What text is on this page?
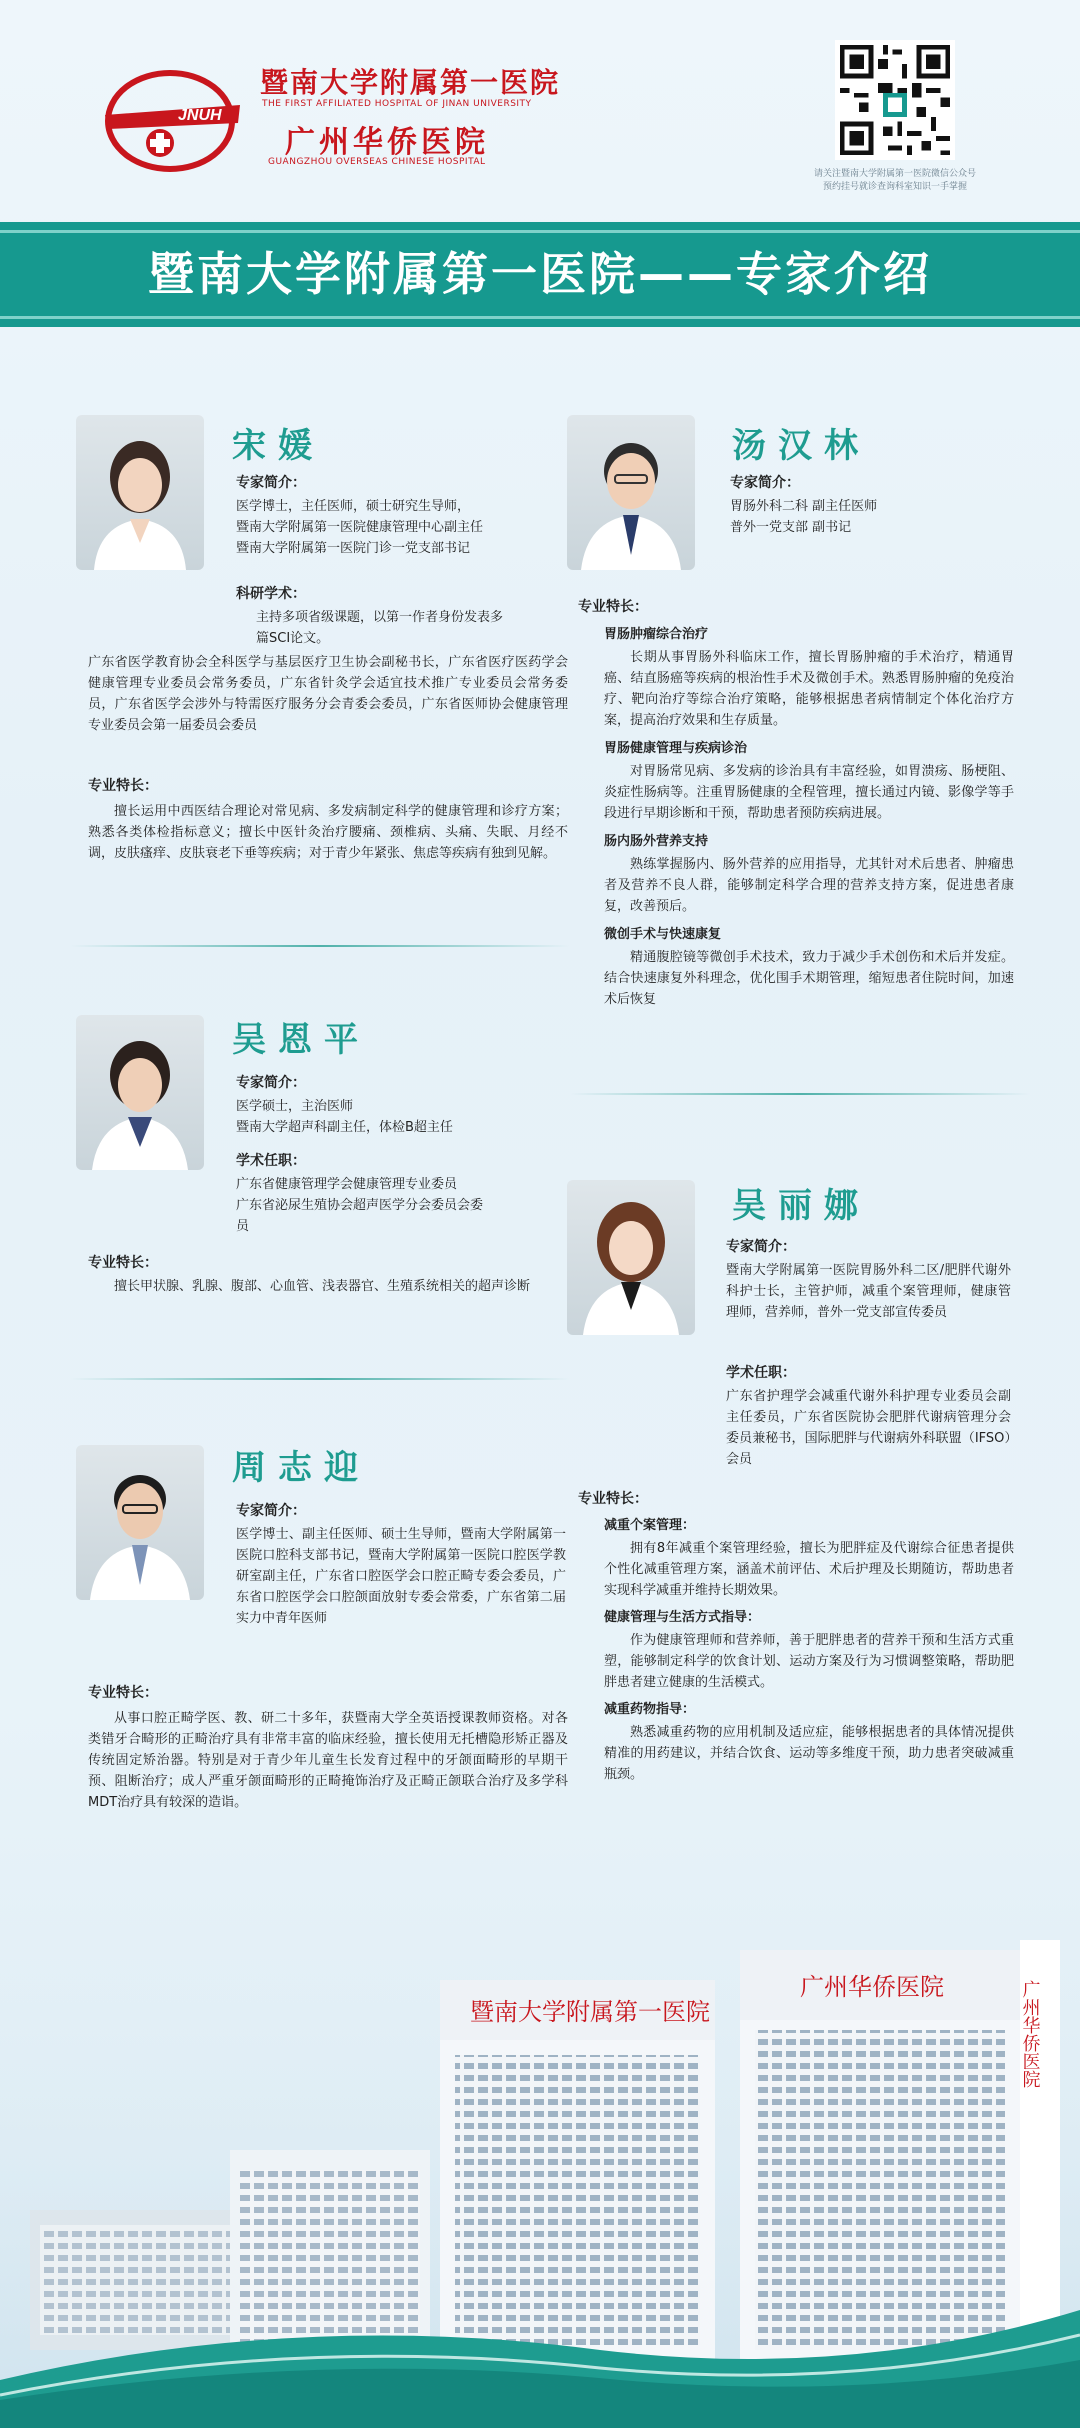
JNUH
暨南大学附属第一医院
THE FIRST AFFILIATED HOSPITAL OF JINAN UNIVERSITY
广州华侨医院
GUANGZHOU OVERSEAS CHINESE HOSPITAL
请关注暨南大学附属第一医院微信公众号
预约挂号就诊查询科室知识一手掌握
暨南大学附属第一医院——专家介绍
宋媛
专家简介：
医学博士，主任医师，硕士研究生导师，
暨南大学附属第一医院健康管理中心副主任
暨南大学附属第一医院门诊一党支部书记
科研学术：
主持多项省级课题，以第一作者身份发表多
篇SCI论文。
广东省医学教育协会全科医学与基层医疗卫生协会副秘书长，广东省医疗医药学会健康管理专业委员会常务委员，广东省针灸学会适宜技术推广专业委员会常务委员，广东省医学会涉外与特需医疗服务分会青委会委员，广东省医师协会健康管理专业委员会第一届委员会委员
专业特长：
擅长运用中西医结合理论对常见病、多发病制定科学的健康管理和诊疗方案；熟悉各类体检指标意义；擅长中医针灸治疗腰痛、颈椎病、头痛、失眠、月经不调，皮肤瘙痒、皮肤衰老下垂等疾病；对于青少年紧张、焦虑等疾病有独到见解。
汤汉林
专家简介：
胃肠外科二科 副主任医师
普外一党支部 副书记
专业特长：
胃肠肿瘤综合治疗
长期从事胃肠外科临床工作，擅长胃肠肿瘤的手术治疗，精通胃癌、结直肠癌等疾病的根治性手术及微创手术。熟悉胃肠肿瘤的免疫治疗、靶向治疗等综合治疗策略，能够根据患者病情制定个体化治疗方案，提高治疗效果和生存质量。
胃肠健康管理与疾病诊治
对胃肠常见病、多发病的诊治具有丰富经验，如胃溃疡、肠梗阻、炎症性肠病等。注重胃肠健康的全程管理，擅长通过内镜、影像学等手段进行早期诊断和干预，帮助患者预防疾病进展。
肠内肠外营养支持
熟练掌握肠内、肠外营养的应用指导，尤其针对术后患者、肿瘤患者及营养不良人群，能够制定科学合理的营养支持方案，促进患者康复，改善预后。
微创手术与快速康复
精通腹腔镜等微创手术技术，致力于减少手术创伤和术后并发症。结合快速康复外科理念，优化围手术期管理，缩短患者住院时间，加速术后恢复
吴恩平
专家简介：
医学硕士，主治医师
暨南大学超声科副主任，体检B超主任
学术任职：
广东省健康管理学会健康管理专业委员
广东省泌尿生殖协会超声医学分会委员会委
员
专业特长：
擅长甲状腺、乳腺、腹部、心血管、浅表器官、生殖系统相关的超声诊断
吴丽娜
专家简介：
暨南大学附属第一医院胃肠外科二区/肥胖代谢外科护士长，主管护师，减重个案管理师，健康管理师，营养师，普外一党支部宣传委员
学术任职：
广东省护理学会减重代谢外科护理专业委员会副主任委员，广东省医院协会肥胖代谢病管理分会委员兼秘书，国际肥胖与代谢病外科联盟（IFSO）会员
专业特长：
减重个案管理：
拥有8年减重个案管理经验，擅长为肥胖症及代谢综合征患者提供个性化减重管理方案，涵盖术前评估、术后护理及长期随访，帮助患者实现科学减重并维持长期效果。
健康管理与生活方式指导：
作为健康管理师和营养师，善于肥胖患者的营养干预和生活方式重塑，能够制定科学的饮食计划、运动方案及行为习惯调整策略，帮助肥胖患者建立健康的生活模式。
减重药物指导：
熟悉减重药物的应用机制及适应症，能够根据患者的具体情况提供精准的用药建议，并结合饮食、运动等多维度干预，助力患者突破减重瓶颈。
周志迎
专家简介：
医学博士、副主任医师、硕士生导师，暨南大学附属第一医院口腔科支部书记，暨南大学附属第一医院口腔医学教研室副主任，广东省口腔医学会口腔正畸专委会委员，广东省口腔医学会口腔颌面放射专委会常委，广东省第二届实力中青年医师
专业特长：
从事口腔正畸学医、教、研二十多年，获暨南大学全英语授课教师资格。对各类错牙合畸形的正畸治疗具有非常丰富的临床经验，擅长使用无托槽隐形矫正器及传统固定矫治器。特别是对于青少年儿童生长发育过程中的牙颌面畸形的早期干预、阻断治疗；成人严重牙颌面畸形的正畸掩饰治疗及正畸正颌联合治疗及多学科MDT治疗具有较深的造诣。
暨南大学附属第一医院
广州华侨医院	广州华侨医院
